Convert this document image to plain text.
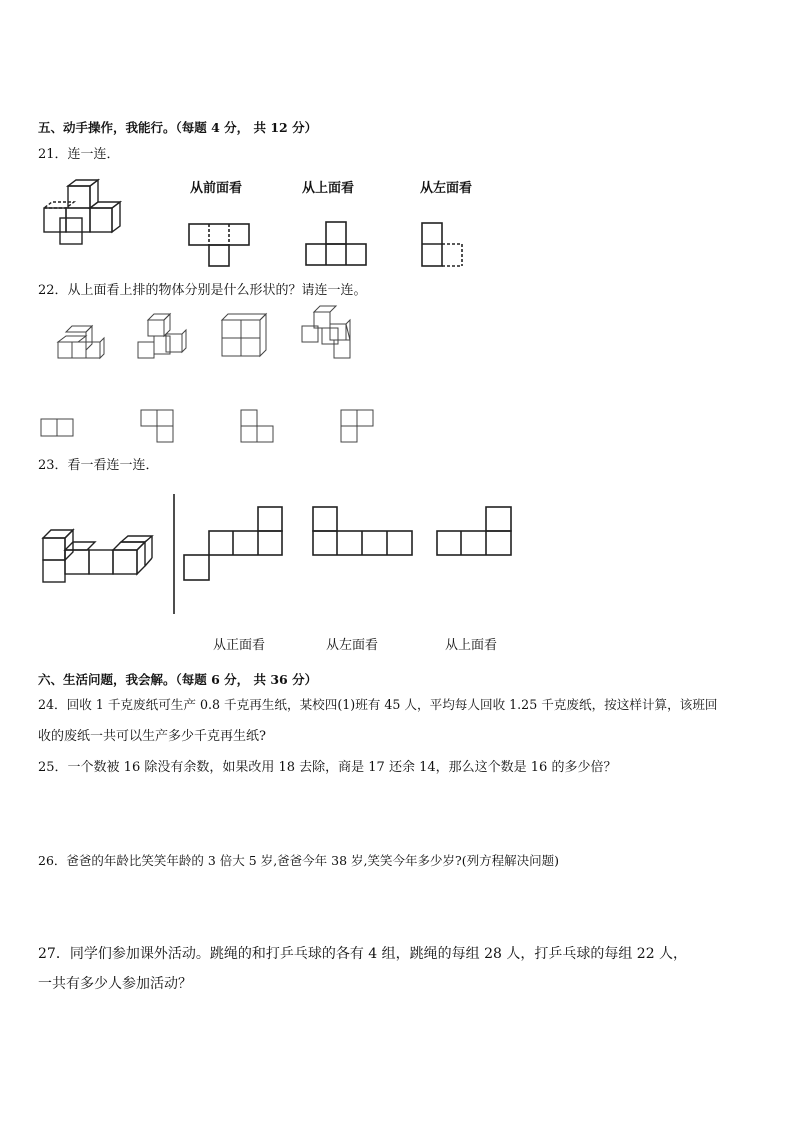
五、动手操作，我能行。（每题 4 分， 共 12 分）
21．连一连．
从前面看	从上面看	从左面看
22．从上面看上排的物体分别是什么形状的？请连一连。
23．看一看连一连．
从正面看	从左面看	从上面看
六、生活问题，我会解。（每题 6 分， 共 36 分）
24．回收 1 千克废纸可生产 0.8 千克再生纸，某校四(1)班有 45 人，平均每人回收 1.25 千克废纸，按这样计算，该班回
收的废纸一共可以生产多少千克再生纸?
25．一个数被 16 除没有余数，如果改用 18 去除，商是 17 还余 14，那么这个数是 16 的多少倍？
26．爸爸的年龄比笑笑年龄的 3 倍大 5 岁,爸爸今年 38 岁,笑笑今年多少岁?(列方程解决问题)
27．同学们参加课外活动。跳绳的和打乒乓球的各有 4 组，跳绳的每组 28 人，打乒乓球的每组 22 人，
一共有多少人参加活动？
